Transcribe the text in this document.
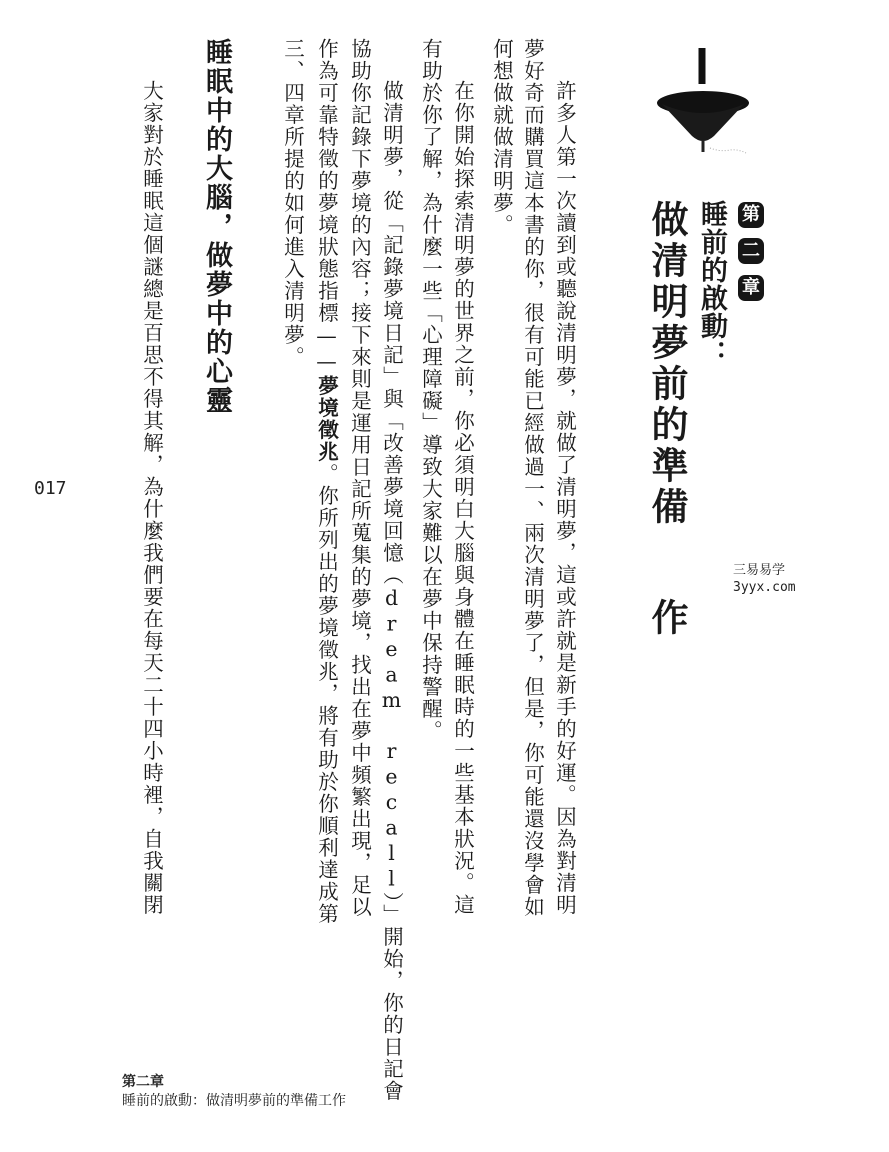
第
二
章
睡前的啟動：
做清明夢前的準備
作
三易易学
3yyx.com
許多人第一次讀到或聽說清明夢，就做了清明夢，這或許就是新手的好運。因為對清明
夢好奇而購買這本書的你，很有可能已經做過一、兩次清明夢了，但是，你可能還沒學會如
何想做就做清明夢。
在你開始探索清明夢的世界之前，你必須明白大腦與身體在睡眠時的一些基本狀況。這
有助於你了解，為什麼一些「心理障礙」導致大家難以在夢中保持警醒。
做清明夢，從「記錄夢境日記」與「改善夢境回憶（dream recall）」開始，你的日記會
協助你記錄下夢境的內容；接下來則是運用日記所蒐集的夢境，找出在夢中頻繁出現，足以
作為可靠特徵的夢境狀態指標——夢境徵兆。你所列出的夢境徵兆，將有助於你順利達成第
三、四章所提的如何進入清明夢。
睡眠中的大腦，做夢中的心靈
大家對於睡眠這個謎總是百思不得其解，為什麼我們要在每天二十四小時裡，自我關閉
017
第二章
睡前的啟動：做清明夢前的準備工作
